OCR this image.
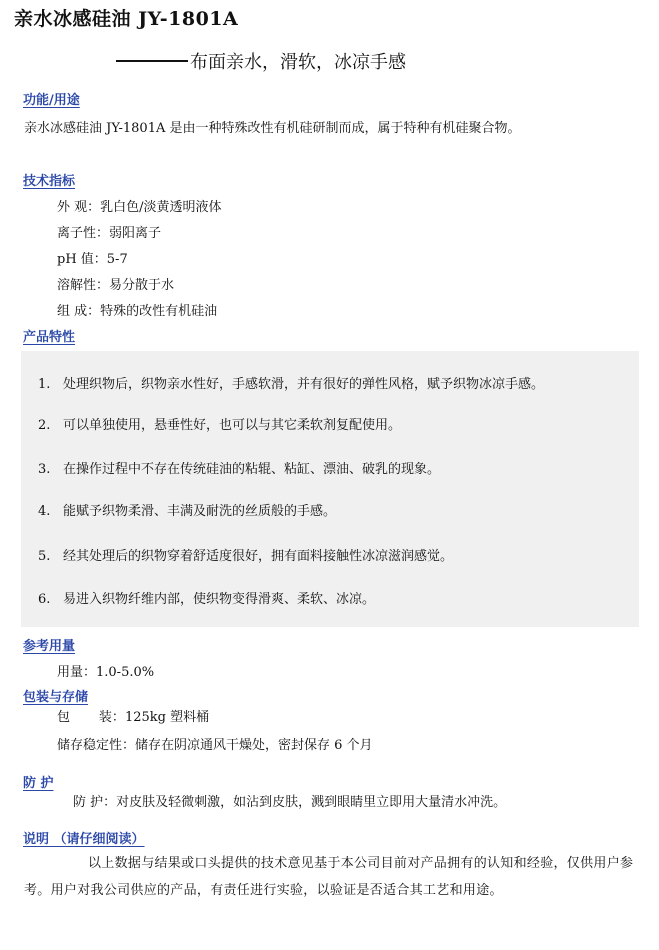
亲水冰感硅油 JY-1801A
布面亲水，滑软，冰凉手感
功能/用途
亲水冰感硅油 JY-1801A 是由一种特殊改性有机硅研制而成，属于特种有机硅聚合物。
技术指标
外 观：乳白色/淡黄透明液体
离子性：弱阳离子
pH 值：5-7
溶解性：易分散于水
组 成：特殊的改性有机硅油
产品特性
1. 处理织物后，织物亲水性好，手感软滑，并有很好的弹性风格，赋予织物冰凉手感。
2. 可以单独使用，悬垂性好，也可以与其它柔软剂复配使用。
3. 在操作过程中不存在传统硅油的粘辊、粘缸、漂油、破乳的现象。
4. 能赋予织物柔滑、丰满及耐洗的丝质般的手感。
5. 经其处理后的织物穿着舒适度很好，拥有面料接触性冰凉滋润感觉。
6. 易进入织物纤维内部，使织物变得滑爽、柔软、冰凉。
参考用量
用量：1.0-5.0%
包装与存储
包       装：125kg 塑料桶
储存稳定性：储存在阴凉通风干燥处，密封保存 6 个月
防 护
防 护：对皮肤及轻微刺激，如沾到皮肤，溅到眼睛里立即用大量清水冲洗。
说明 （请仔细阅读）
以上数据与结果或口头提供的技术意见基于本公司目前对产品拥有的认知和经验，仅供用户参考。用户对我公司供应的产品，有责任进行实验，以验证是否适合其工艺和用途。
